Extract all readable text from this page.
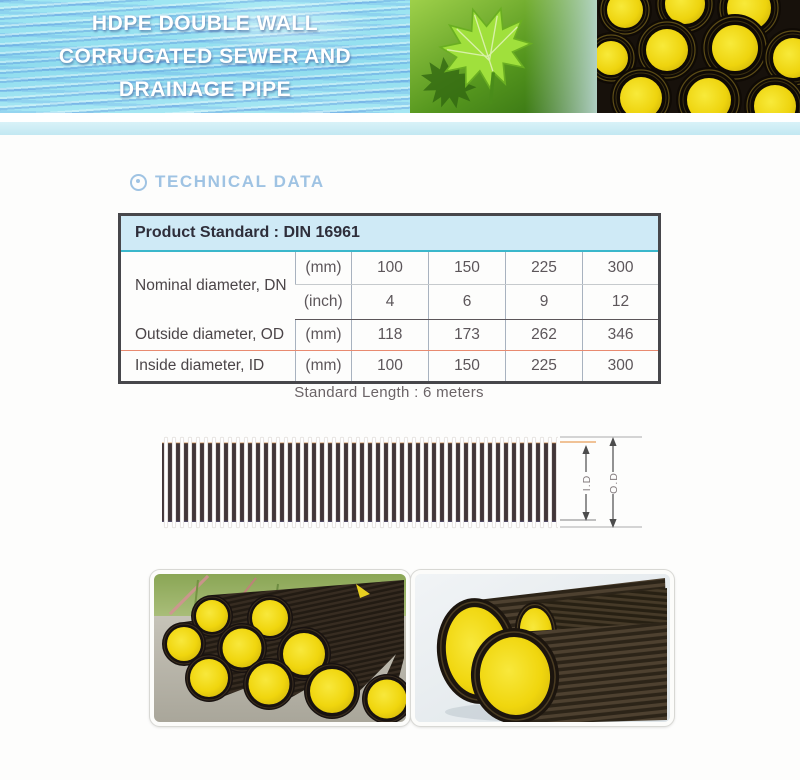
HDPE DOUBLE WALL
CORRUGATED SEWER AND
DRAINAGE PIPE
TECHNICAL DATA
Product Standard : DIN 16961					
Nominal diameter, DN	(mm)	100	150	225	300
	(inch)	4	6	9	12
Outside diameter, OD	(mm)	118	173	262	346
Inside diameter, ID	(mm)	100	150	225	300
Standard Length : 6 meters
I.D O.D
